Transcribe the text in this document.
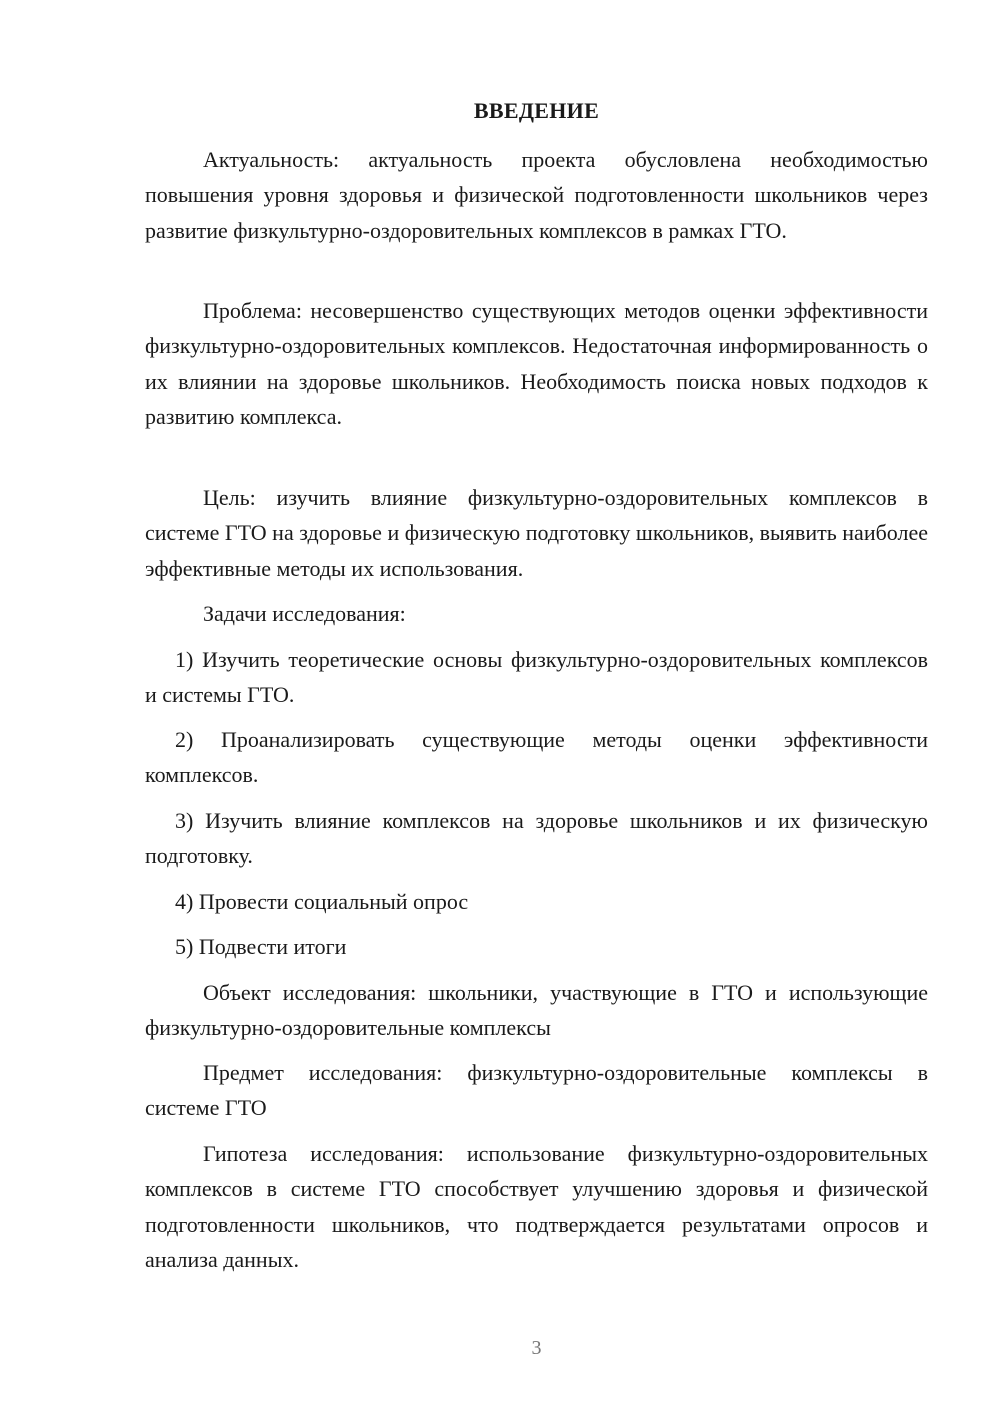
ВВЕДЕНИЕ

Актуальность: актуальность проекта обусловлена необходимостью повышения уровня здоровья и физической подготовленности школьников через развитие физкультурно-оздоровительных комплексов в рамках ГТО.

Проблема: несовершенство существующих методов оценки эффективности физкультурно-оздоровительных комплексов. Недостаточная информированность о их влиянии на здоровье школьников. Необходимость поиска новых подходов к развитию комплекса.

Цель: изучить влияние физкультурно-оздоровительных комплексов в системе ГТО на здоровье и физическую подготовку школьников, выявить наиболее эффективные методы их использования.

Задачи исследования:

1) Изучить теоретические основы физкультурно-оздоровительных комплексов и системы ГТО.

2) Проанализировать существующие методы оценки эффективности комплексов.

3) Изучить влияние комплексов на здоровье школьников и их физическую подготовку.

4) Провести социальный опрос

5) Подвести итоги

Объект исследования: школьники, участвующие в ГТО и использующие физкультурно-оздоровительные комплексы

Предмет исследования: физкультурно-оздоровительные комплексы в системе ГТО

Гипотеза исследования: использование физкультурно-оздоровительных комплексов в системе ГТО способствует улучшению здоровья и физической подготовленности школьников, что подтверждается результатами опросов и анализа данных.

3
